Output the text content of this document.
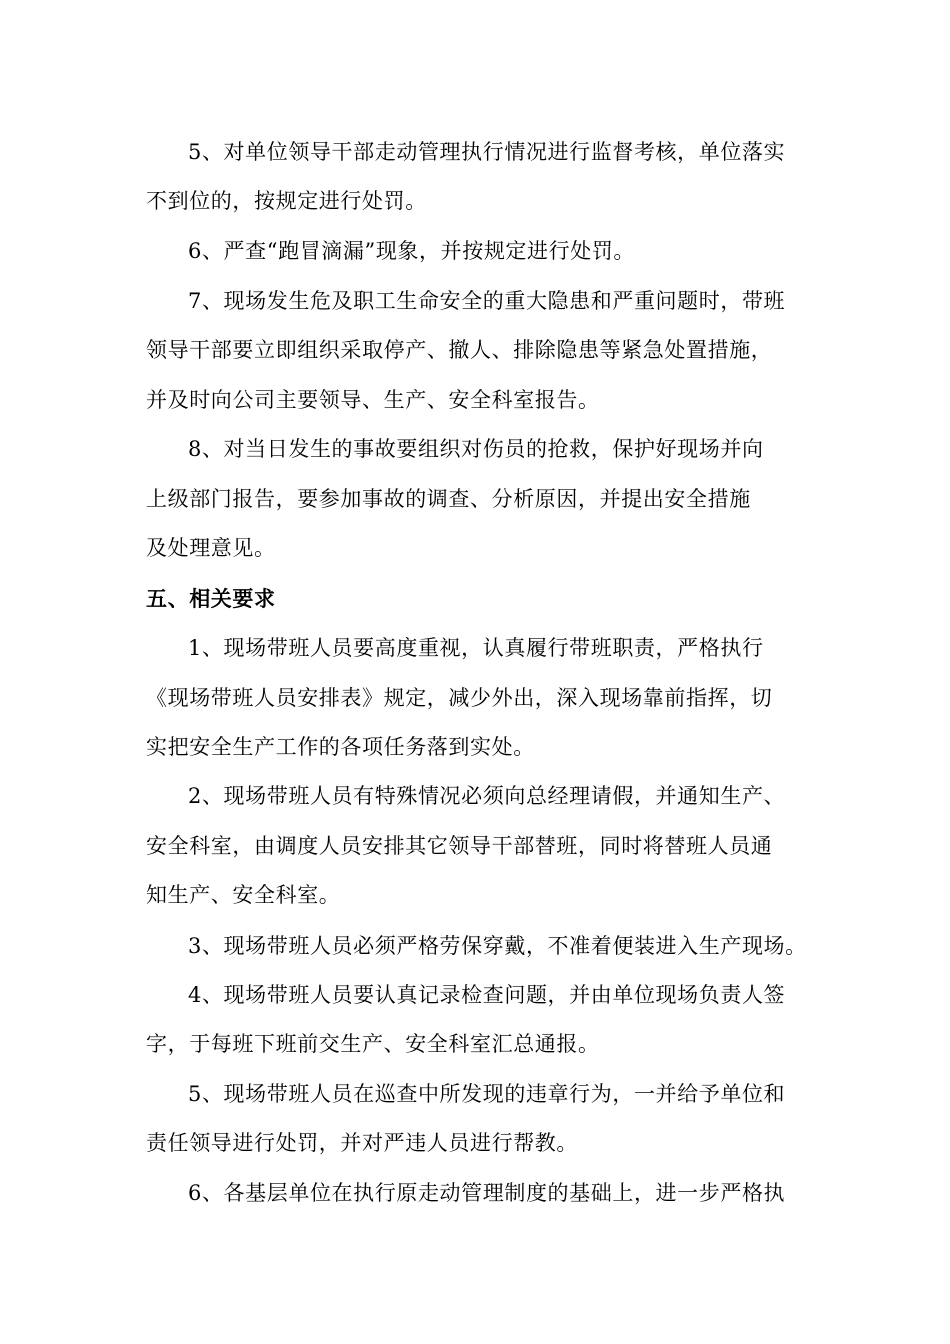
5、对单位领导干部走动管理执行情况进行监督考核，单位落实
不到位的，按规定进行处罚。
6、严查“跑冒滴漏”现象，并按规定进行处罚。
7、现场发生危及职工生命安全的重大隐患和严重问题时，带班
领导干部要立即组织采取停产、撤人、排除隐患等紧急处置措施，
并及时向公司主要领导、生产、安全科室报告。
8、对当日发生的事故要组织对伤员的抢救，保护好现场并向
上级部门报告，要参加事故的调查、分析原因，并提出安全措施
及处理意见。
五、相关要求
1、现场带班人员要高度重视，认真履行带班职责，严格执行
《现场带班人员安排表》规定，减少外出，深入现场靠前指挥，切
实把安全生产工作的各项任务落到实处。
2、现场带班人员有特殊情况必须向总经理请假，并通知生产、
安全科室，由调度人员安排其它领导干部替班，同时将替班人员通
知生产、安全科室。
3、现场带班人员必须严格劳保穿戴，不准着便装进入生产现场。
4、现场带班人员要认真记录检查问题，并由单位现场负责人签
字，于每班下班前交生产、安全科室汇总通报。
5、现场带班人员在巡查中所发现的违章行为，一并给予单位和
责任领导进行处罚，并对严违人员进行帮教。
6、各基层单位在执行原走动管理制度的基础上，进一步严格执
